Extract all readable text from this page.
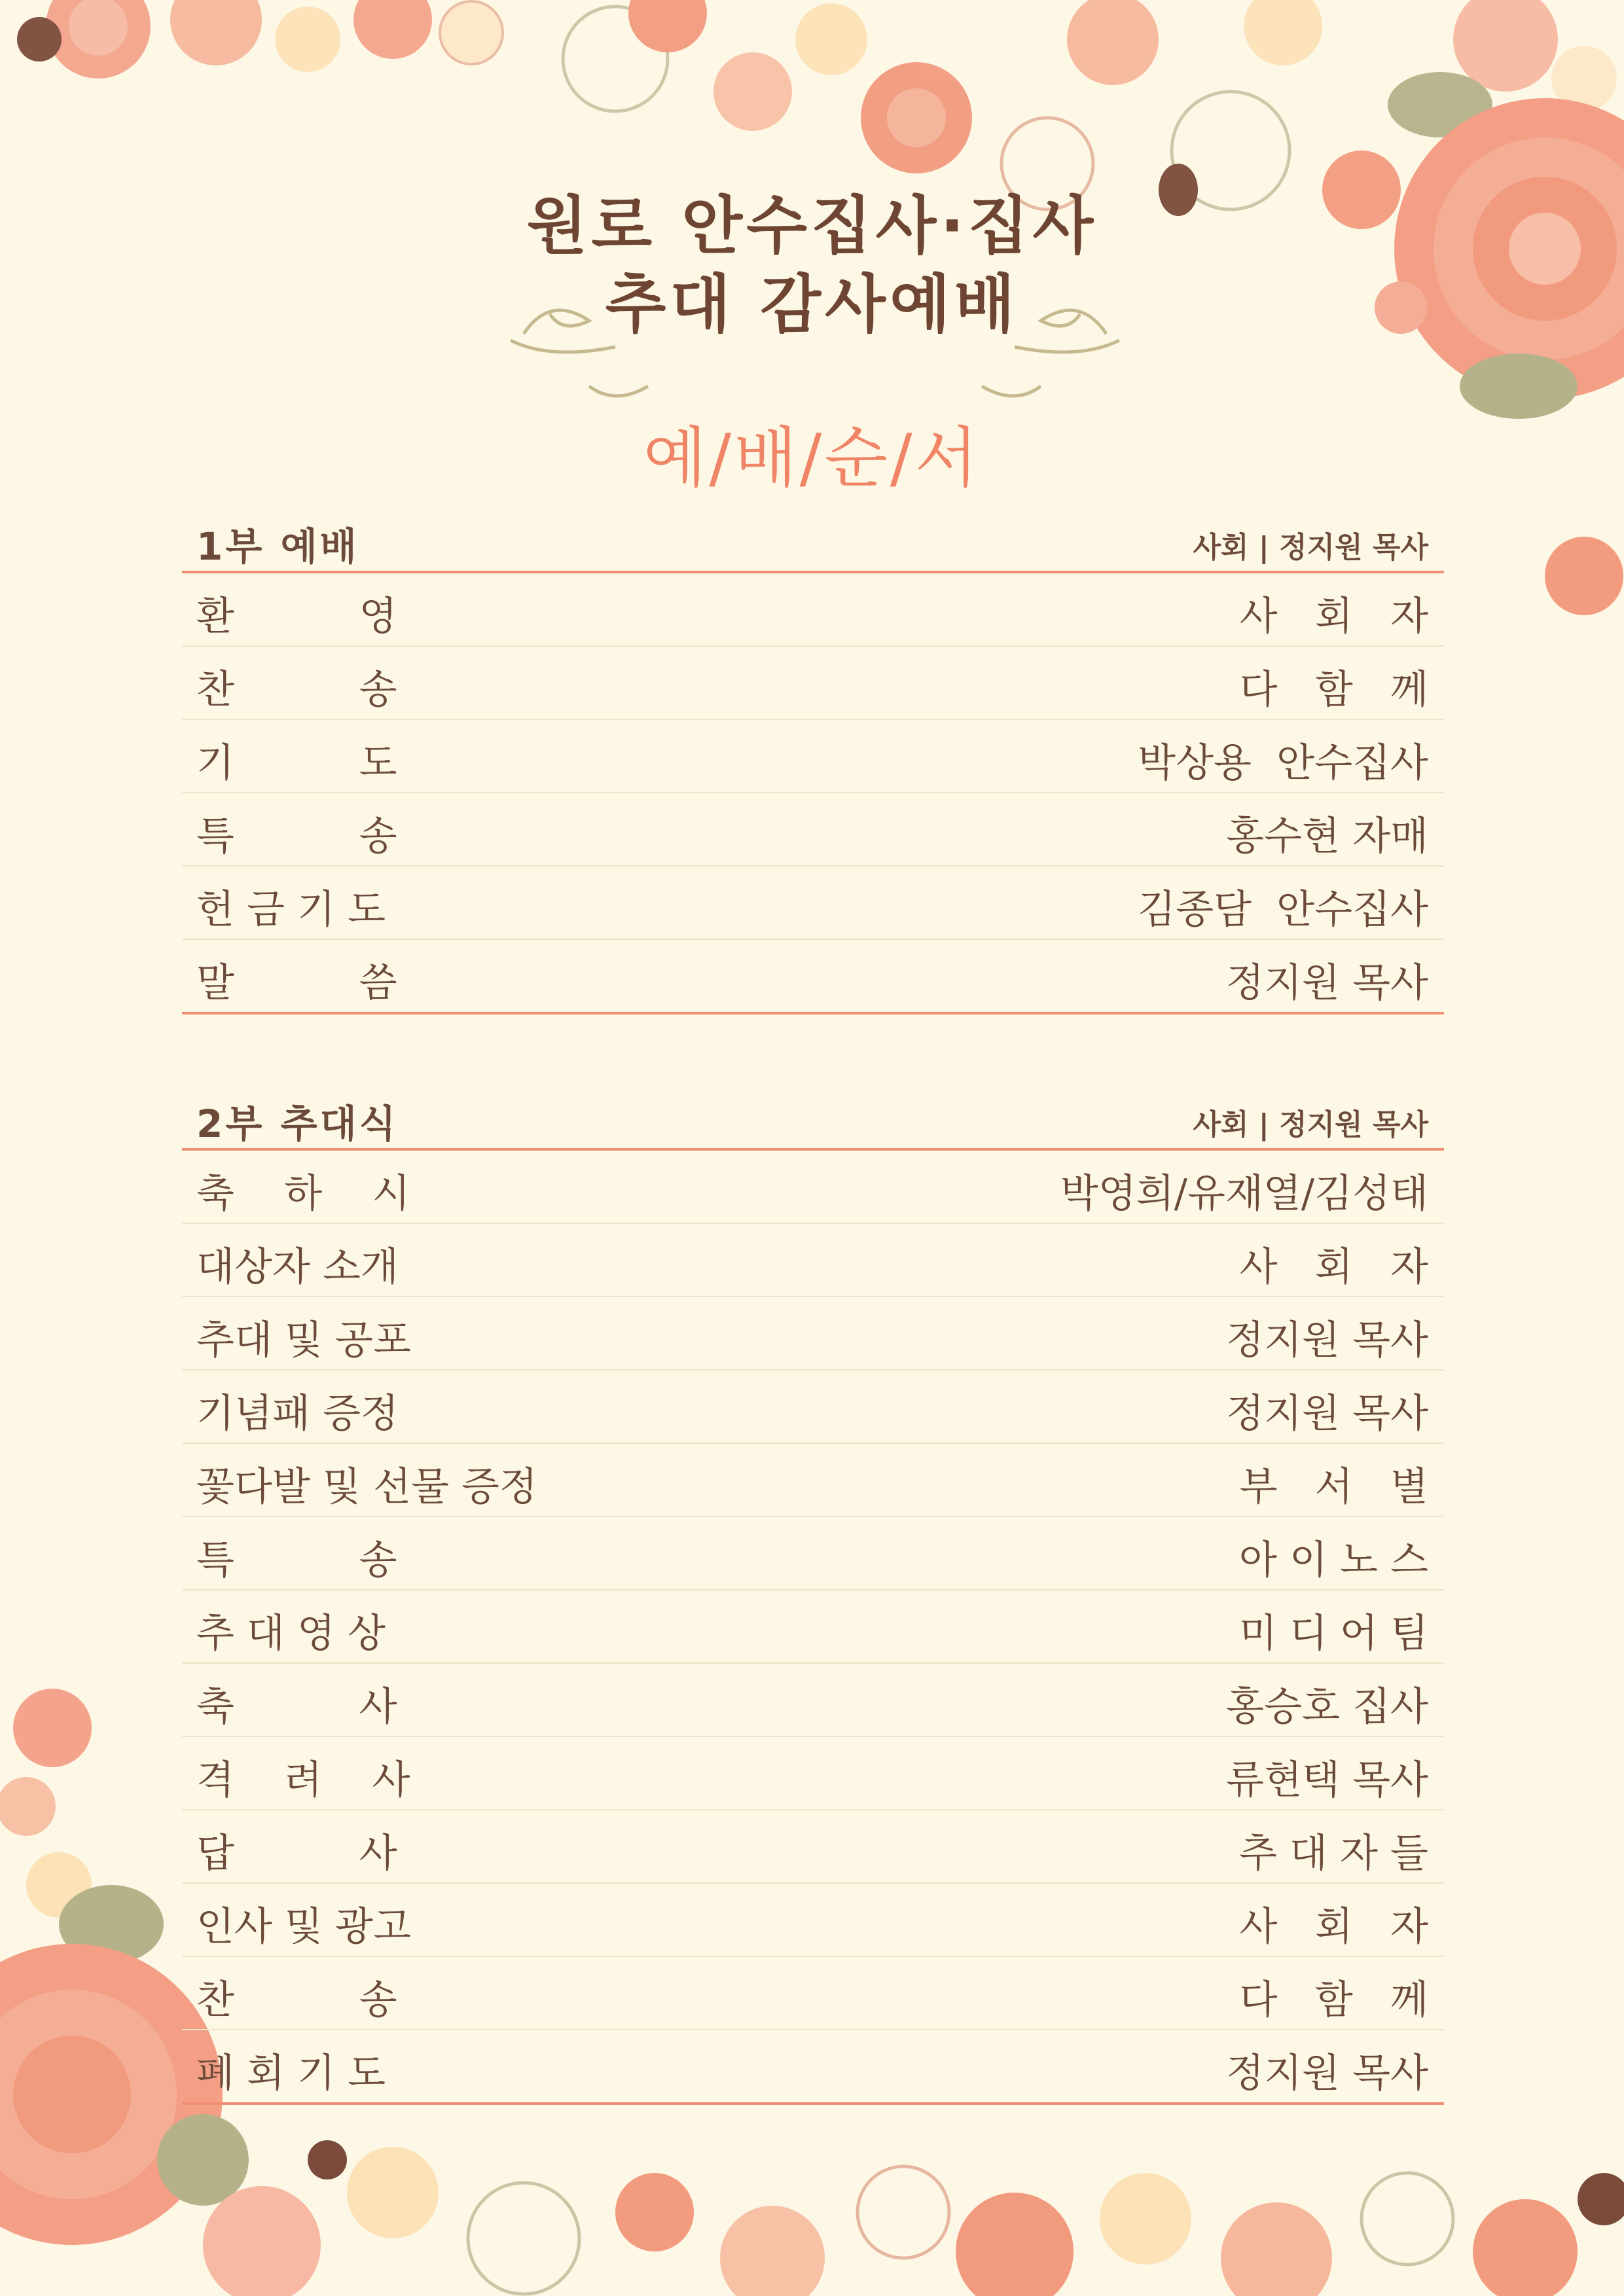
원로 안수집사·집사
추대 감사예배
예/배/순/서
1부 예배	사회 | 정지원 목사
환          영	사   회   자
찬          송	다   함   께
기          도	박상용  안수집사
특          송	홍수현 자매
헌 금 기 도	김종담  안수집사
말          씀	정지원 목사
2부 추대식	사회 | 정지원 목사
축    하    시	박영희/유재열/김성태
대상자 소개	사   회   자
추대 및 공포	정지원 목사
기념패 증정	정지원 목사
꽃다발 및 선물 증정	부   서   별
특          송	아 이 노 스
추 대 영 상	미 디 어 팀
축          사	홍승호 집사
격    려    사	류현택 목사
답          사	추 대 자 들
인사 및 광고	사   회   자
찬          송	다   함   께
폐 회 기 도	정지원 목사
